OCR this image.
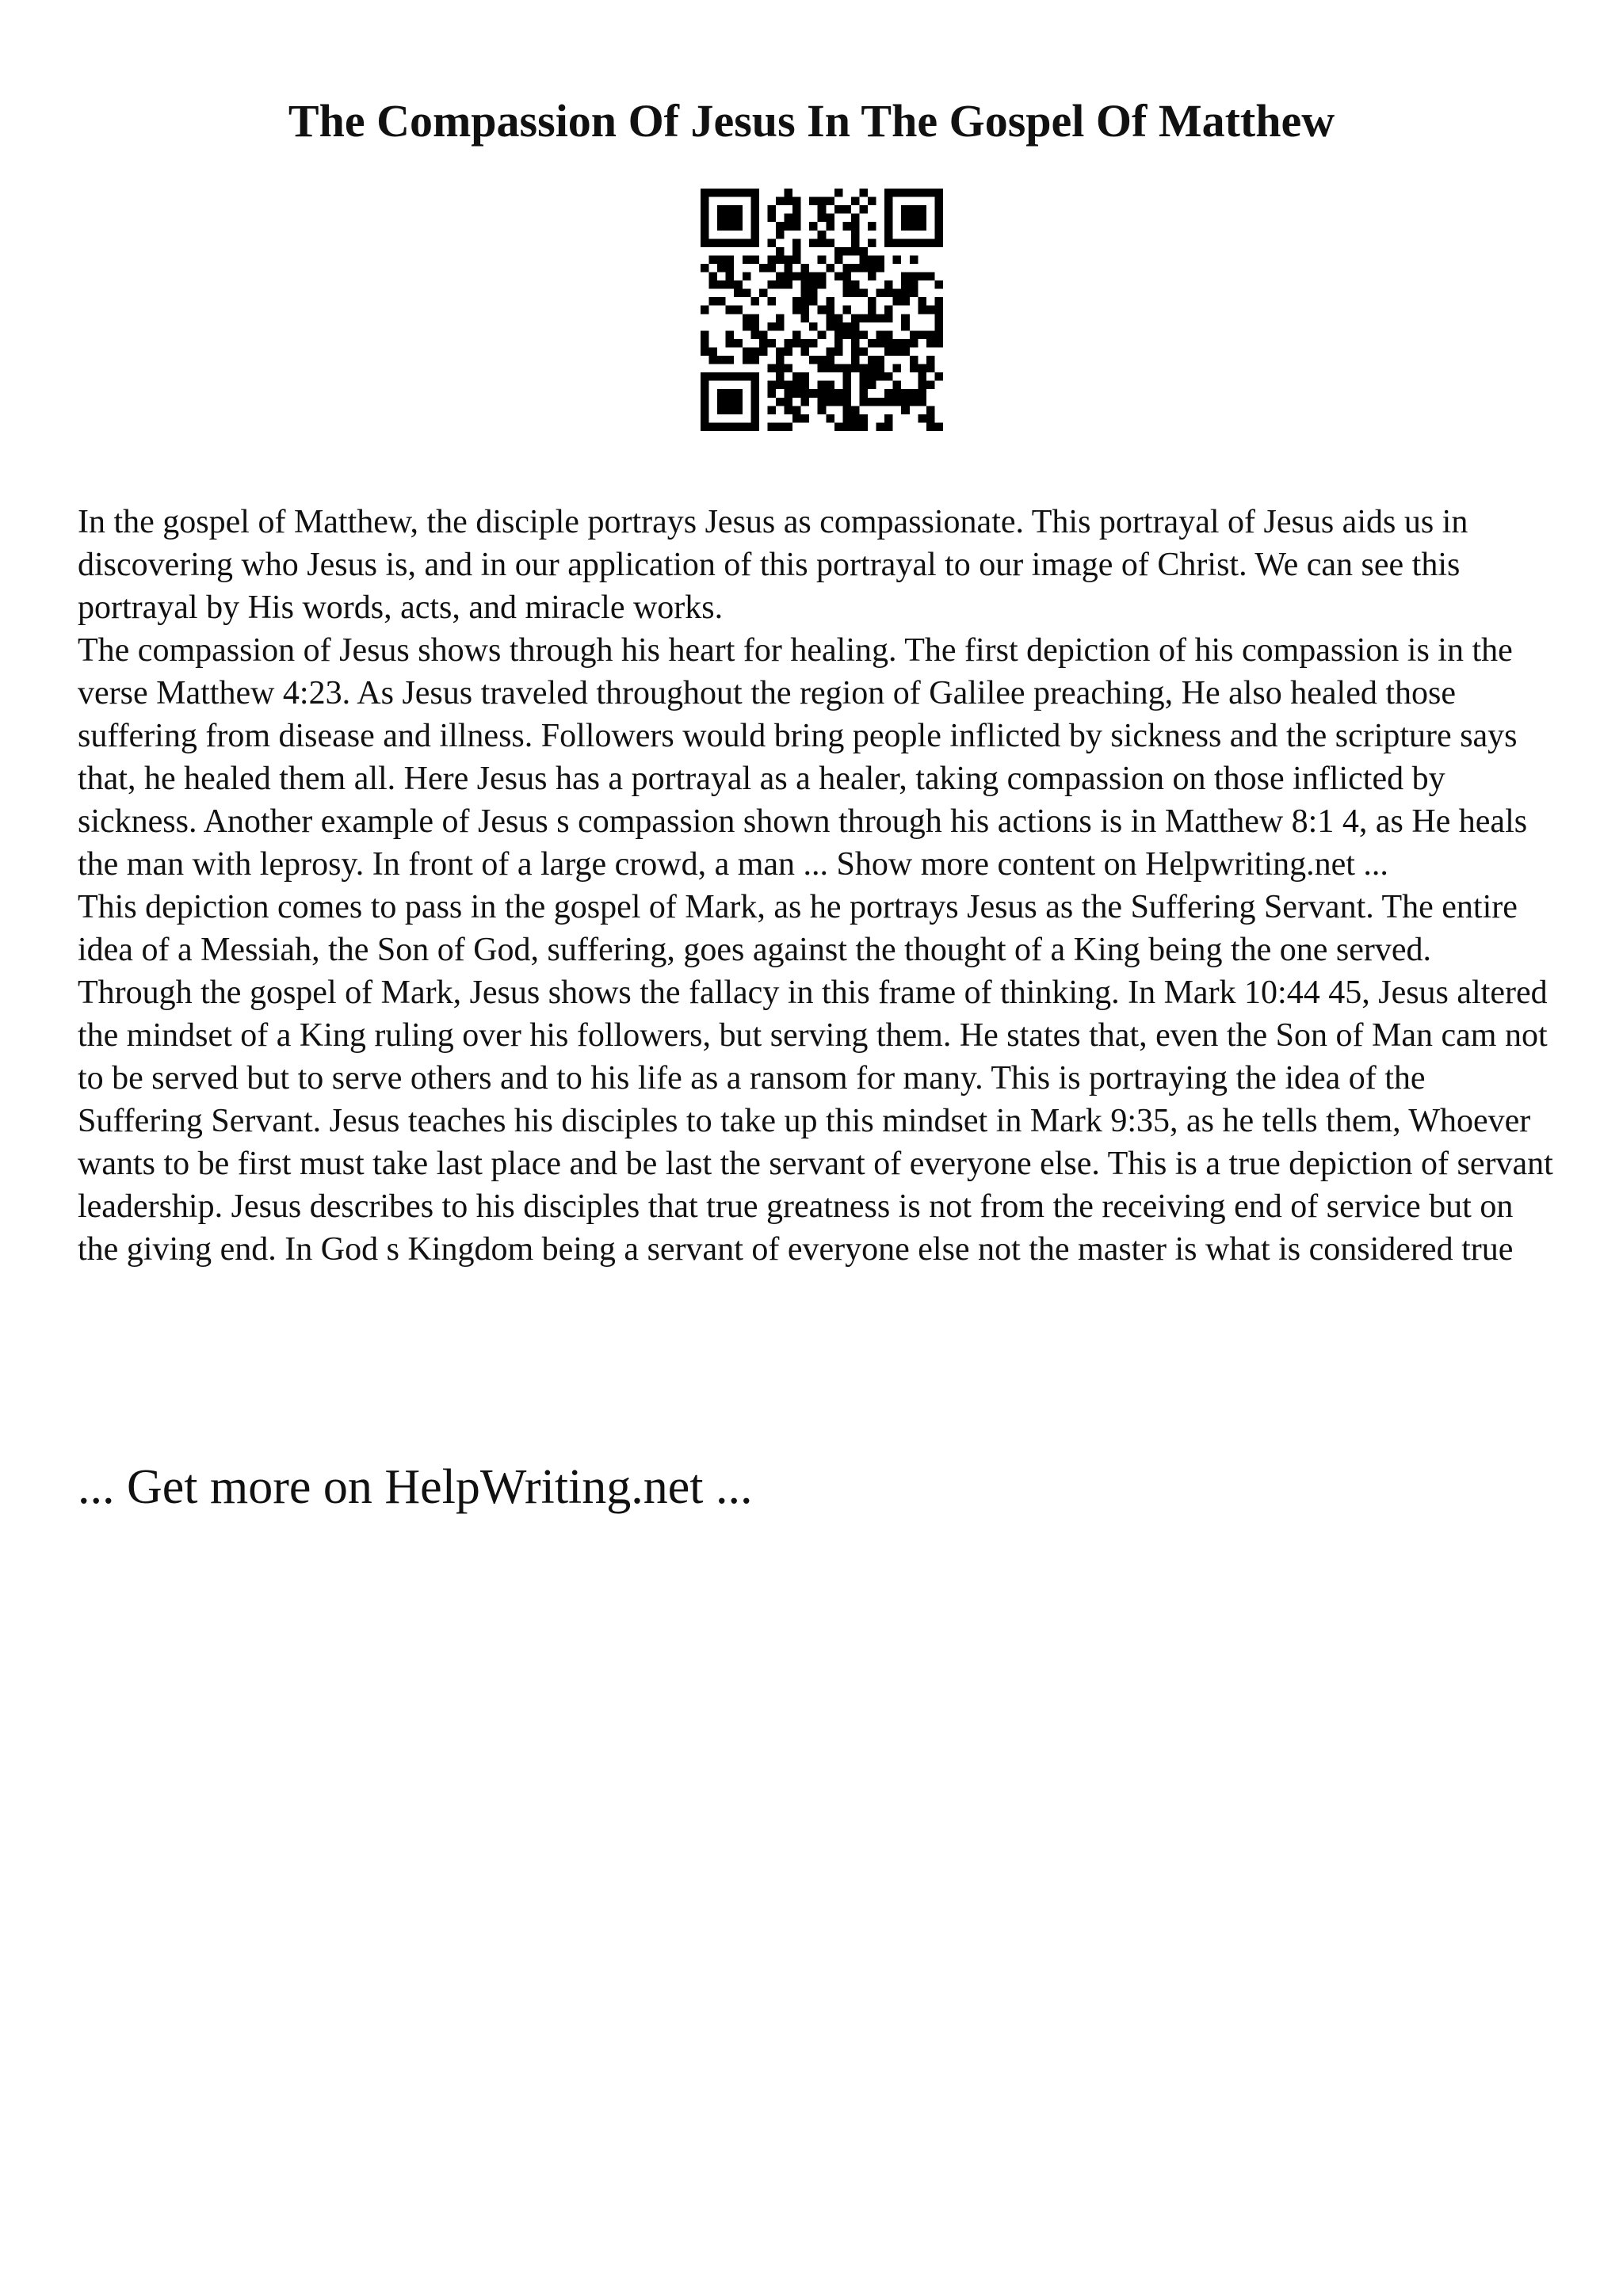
The Compassion Of Jesus In The Gospel Of Matthew

In the gospel of Matthew, the disciple portrays Jesus as compassionate. This portrayal of Jesus aids us in discovering who Jesus is, and in our application of this portrayal to our image of Christ. We can see this portrayal by His words, acts, and miracle works.

The compassion of Jesus shows through his heart for healing. The first depiction of his compassion is in the verse Matthew 4:23. As Jesus traveled throughout the region of Galilee preaching, He also healed those suffering from disease and illness. Followers would bring people inflicted by sickness and the scripture says that, he healed them all. Here Jesus has a portrayal as a healer, taking compassion on those inflicted by sickness. Another example of Jesus s compassion shown through his actions is in Matthew 8:1 4, as He heals the man with leprosy. In front of a large crowd, a man ... Show more content on Helpwriting.net ...

This depiction comes to pass in the gospel of Mark, as he portrays Jesus as the Suffering Servant. The entire idea of a Messiah, the Son of God, suffering, goes against the thought of a King being the one served. Through the gospel of Mark, Jesus shows the fallacy in this frame of thinking. In Mark 10:44 45, Jesus altered the mindset of a King ruling over his followers, but serving them. He states that, even the Son of Man cam not to be served but to serve others and to his life as a ransom for many. This is portraying the idea of the Suffering Servant. Jesus teaches his disciples to take up this mindset in Mark 9:35, as he tells them, Whoever wants to be first must take last place and be last the servant of everyone else. This is a true depiction of servant leadership. Jesus describes to his disciples that true greatness is not from the receiving end of service but on the giving end. In God s Kingdom being a servant of everyone else not the master is what is considered true

... Get more on HelpWriting.net ...
